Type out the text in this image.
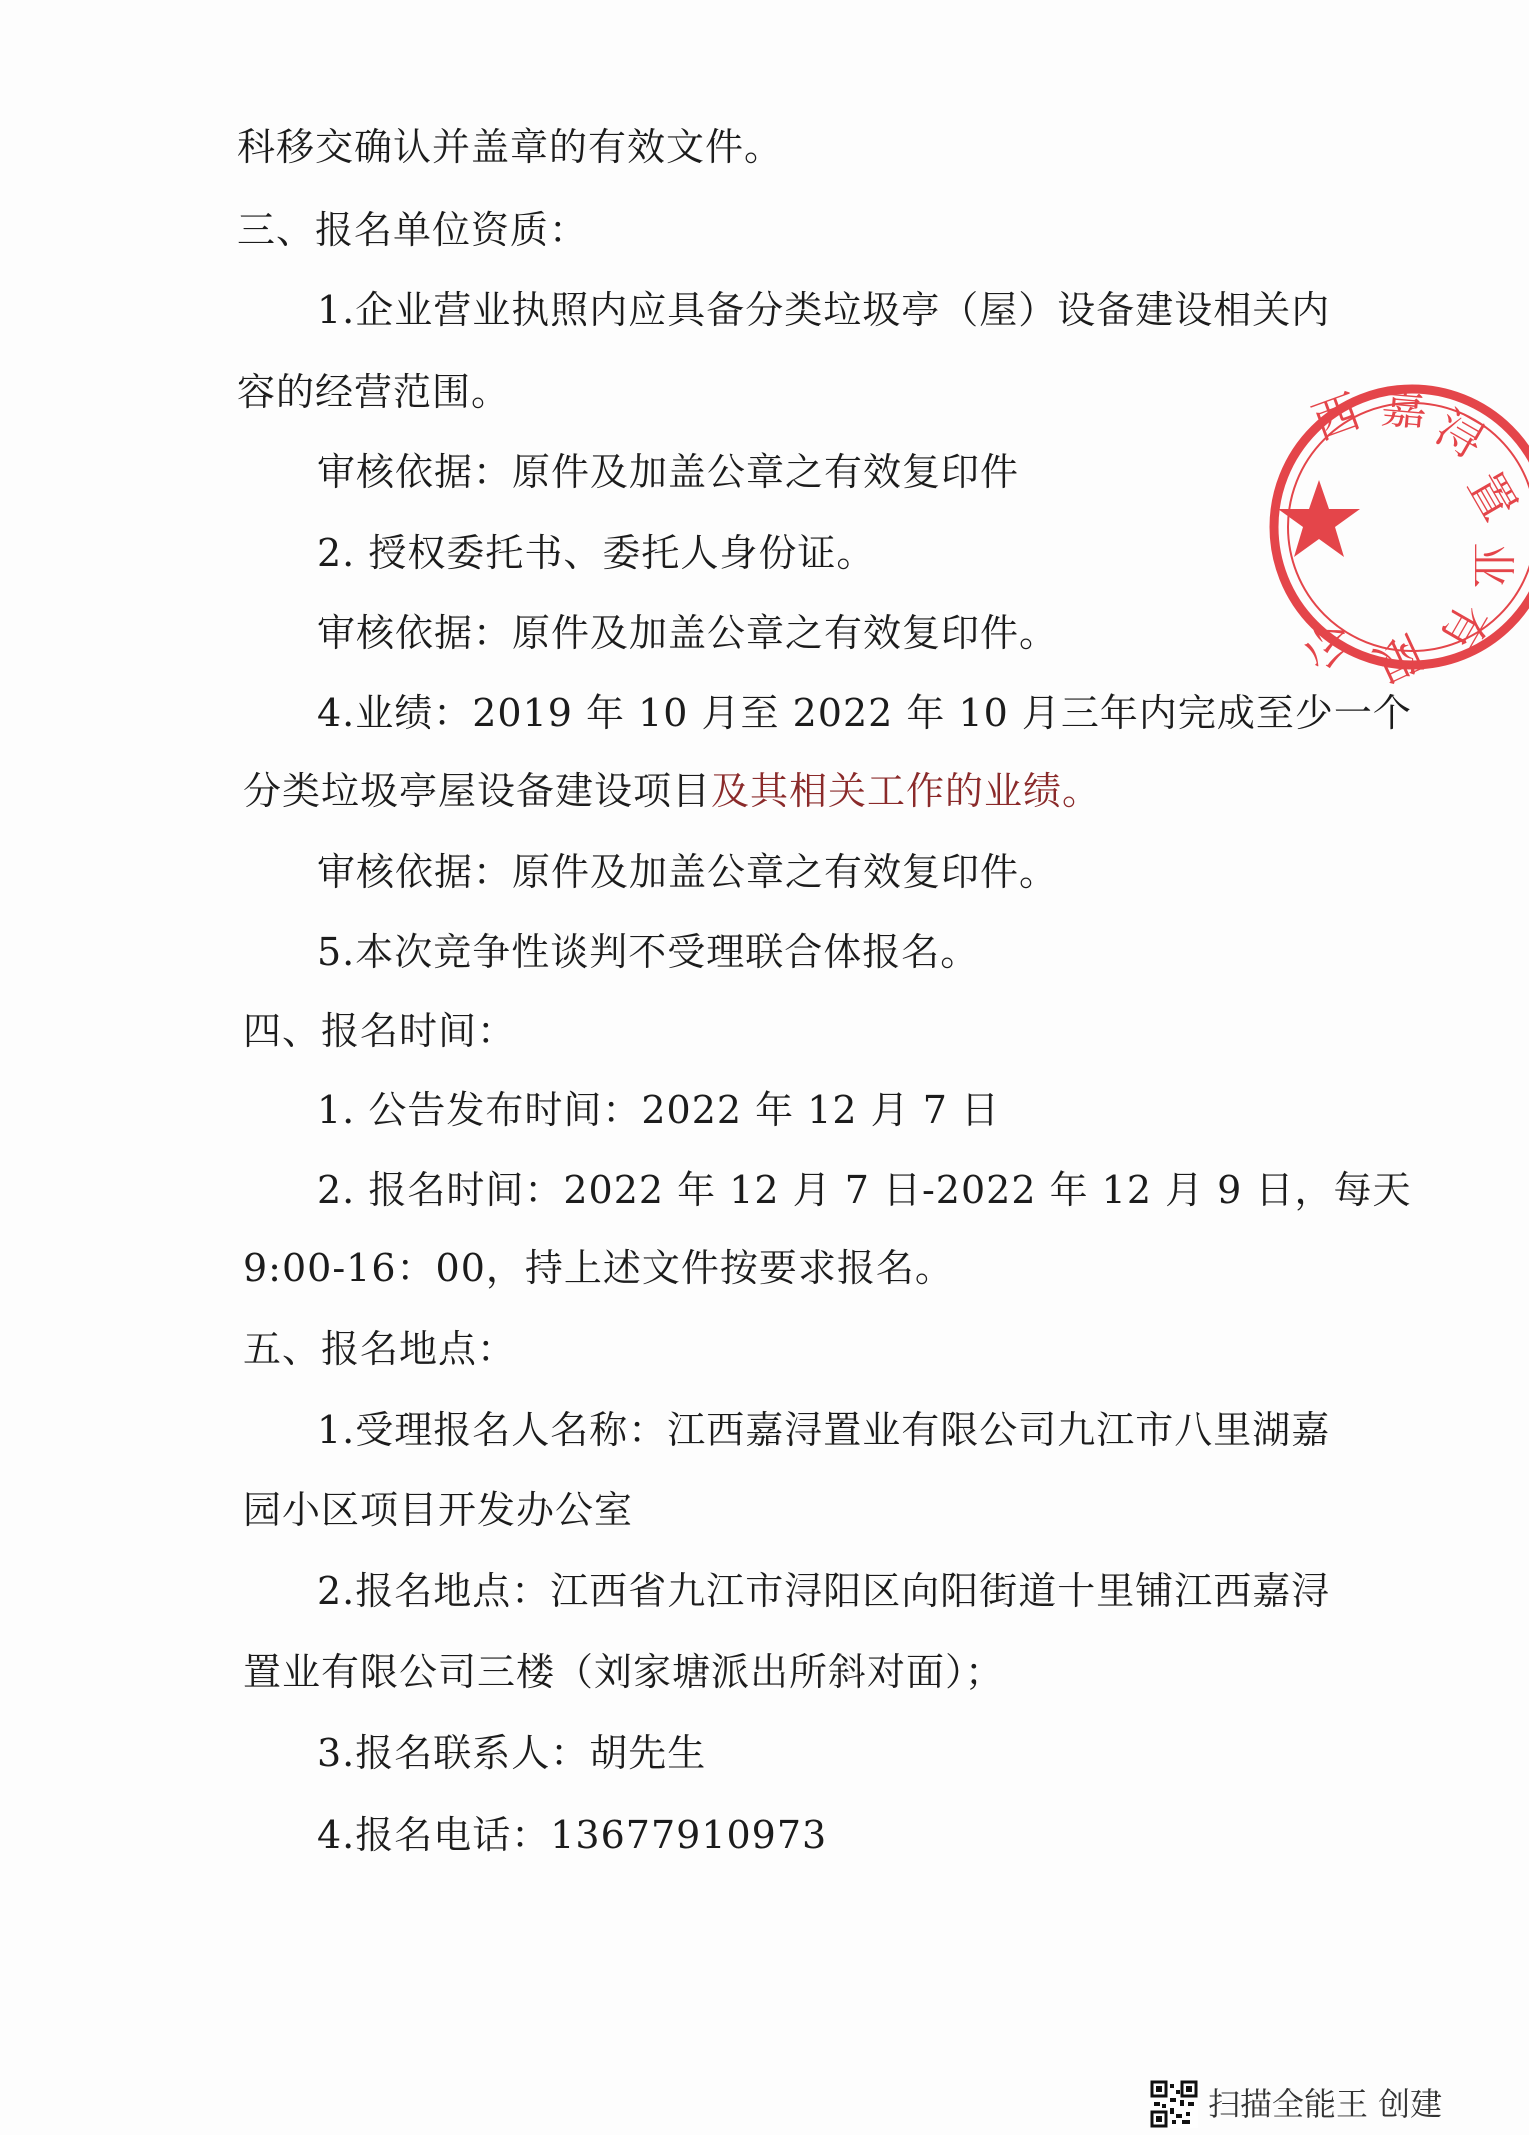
科移交确认并盖章的有效文件。
三、报名单位资质：
1.企业营业执照内应具备分类垃圾亭（屋）设备建设相关内
容的经营范围。
审核依据：原件及加盖公章之有效复印件
2. 授权委托书、委托人身份证。
审核依据：原件及加盖公章之有效复印件。
4.业绩：2019 年 10 月至 2022 年 10 月三年内完成至少一个
分类垃圾亭屋设备建设项目及其相关工作的业绩。
审核依据：原件及加盖公章之有效复印件。
5.本次竞争性谈判不受理联合体报名。
四、报名时间：
1. 公告发布时间：2022 年 12 月 7 日
2. 报名时间：2022 年 12 月 7 日-2022 年 12 月 9 日，每天
9:00-16：00，持上述文件按要求报名。
五、报名地点：
1.受理报名人名称：江西嘉浔置业有限公司九江市八里湖嘉
园小区项目开发办公室
2.报名地点：江西省九江市浔阳区向阳街道十里铺江西嘉浔
置业有限公司三楼（刘家塘派出所斜对面）；
3.报名联系人：胡先生
4.报名电话：13677910973
西 嘉
浔
置
业
有
限
公
扫描全能王 创建
